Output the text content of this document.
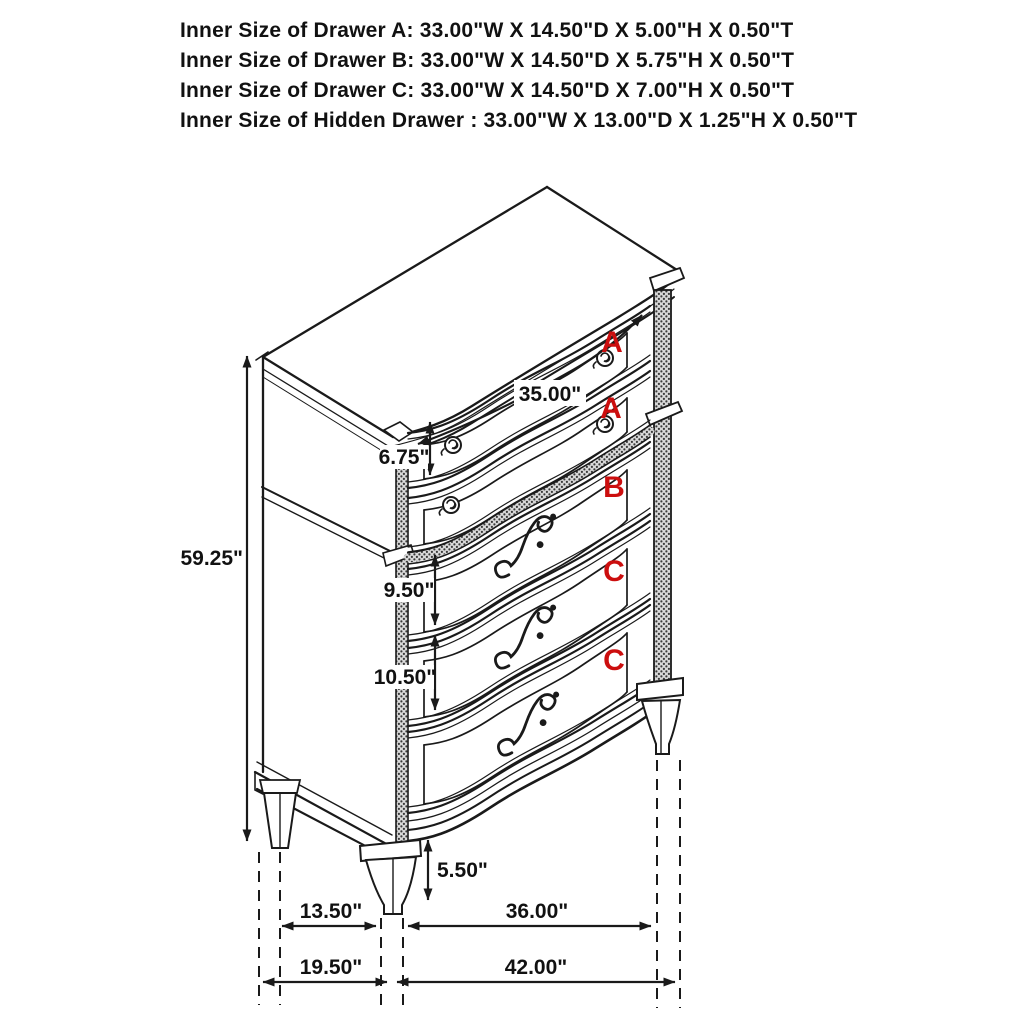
Inner Size of Drawer A: 33.00"W X 14.50"D X 5.00"H X 0.50"T

Inner Size of Drawer B: 33.00"W X 14.50"D X 5.75"H X 0.50"T

Inner Size of Drawer C: 33.00"W X 14.50"D X 7.00"H X 0.50"T

Inner Size of Hidden Drawer : 33.00"W X 13.00"D X 1.25"H X 0.50"T

59.25"
35.00"
6.75"
9.50"
10.50"
5.50"
13.50"	36.00"
19.50"	42.00"
A
A
B
C
C
